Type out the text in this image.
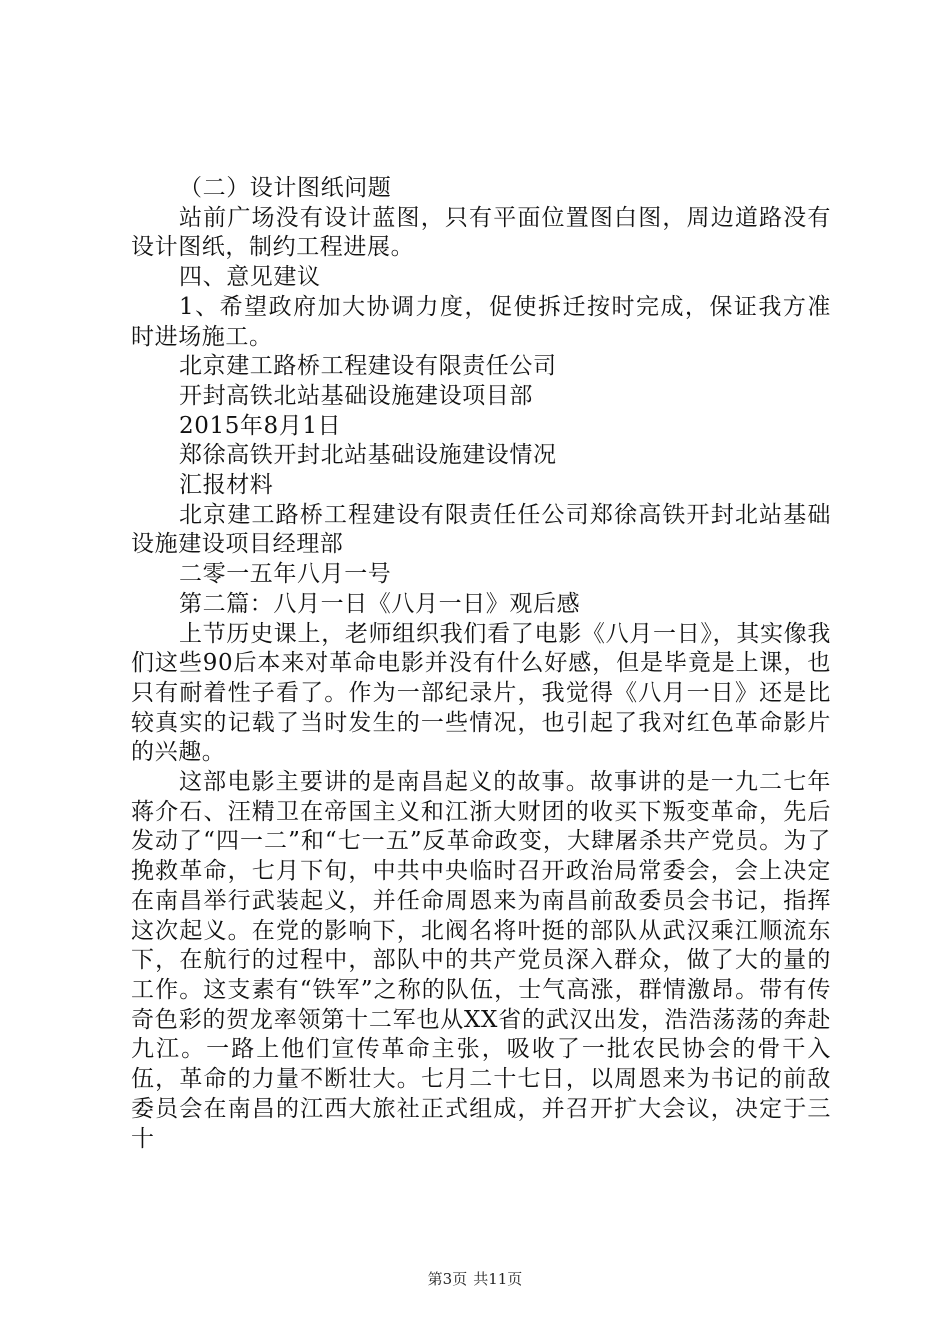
（二）设计图纸问题

站前广场没有设计蓝图，只有平面位置图白图，周边道路没有设计图纸，制约工程进展。

四、意见建议

1、希望政府加大协调力度，促使拆迁按时完成，保证我方准时进场施工。

北京建工路桥工程建设有限责任公司

开封高铁北站基础设施建设项目部

2015年8月1日

郑徐高铁开封北站基础设施建设情况

汇报材料

北京建工路桥工程建设有限责任任公司郑徐高铁开封北站基础设施建设项目经理部

二零一五年八月一号

第二篇：八月一日《八月一日》观后感

上节历史课上，老师组织我们看了电影《八月一日》，其实像我们这些90后本来对革命电影并没有什么好感，但是毕竟是上课，也只有耐着性子看了。作为一部纪录片，我觉得《八月一日》还是比较真实的记载了当时发生的一些情况，也引起了我对红色革命影片的兴趣。

这部电影主要讲的是南昌起义的故事。故事讲的是一九二七年蒋介石、汪精卫在帝国主义和江浙大财团的收买下叛变革命，先后发动了“四一二”和“七一五”反革命政变，大肆屠杀共产党员。为了挽救革命，七月下旬，中共中央临时召开政治局常委会，会上决定在南昌举行武装起义，并任命周恩来为南昌前敌委员会书记，指挥这次起义。在党的影响下，北阀名将叶挺的部队从武汉乘江顺流东下，在航行的过程中，部队中的共产党员深入群众，做了大的量的工作。这支素有“铁军”之称的队伍，士气高涨，群情激昂。带有传奇色彩的贺龙率领第十二军也从XX省的武汉出发，浩浩荡荡的奔赴九江。一路上他们宣传革命主张，吸收了一批农民协会的骨干入伍，革命的力量不断壮大。七月二十七日，以周恩来为书记的前敌委员会在南昌的江西大旅社正式组成，并召开扩大会议，决定于三十

第3页 共11页
